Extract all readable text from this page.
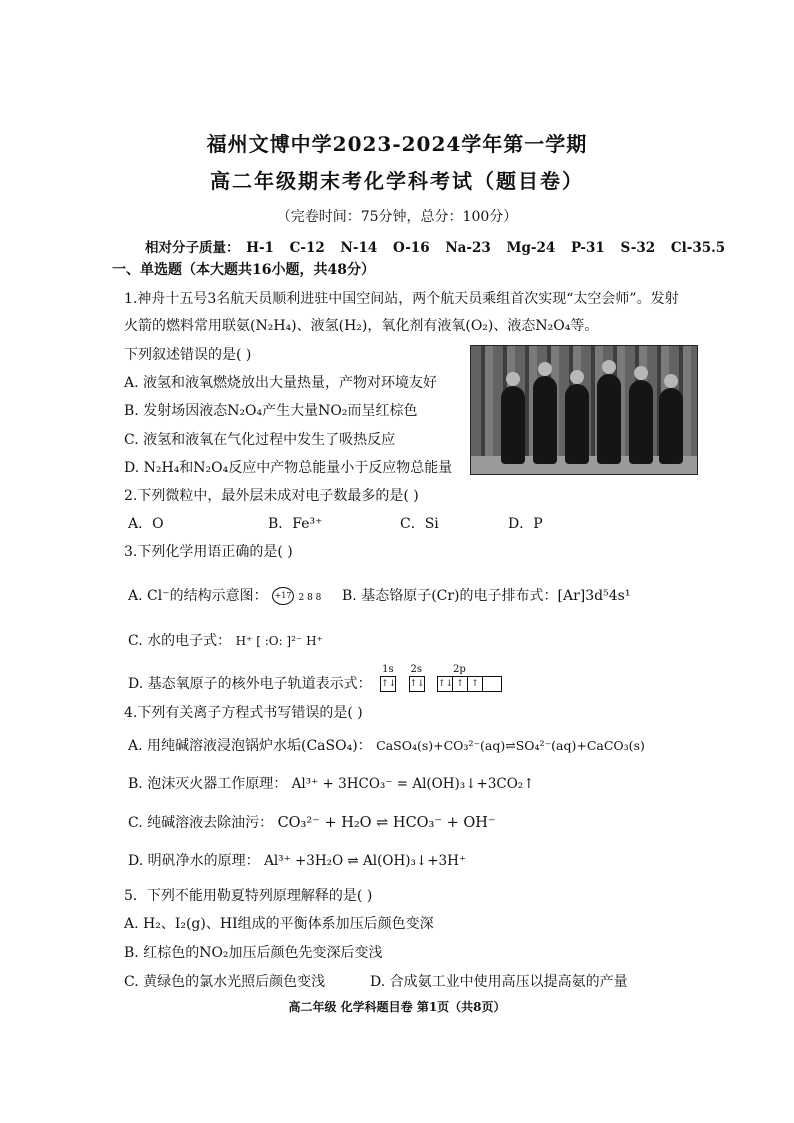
福州文博中学2023-2024学年第一学期
高二年级期末考化学科考试（题目卷）
（完卷时间：75分钟，总分：100分）
相对分子质量： H-1 C-12 N-14 O-16 Na-23 Mg-24 P-31 S-32 Cl-35.5
一、单选题（本大题共16小题，共48分）
1.神舟十五号3名航天员顺利进驻中国空间站，两个航天员乘组首次实现“太空会师”。发射
火箭的燃料常用联氨(N₂H₄)、液氢(H₂)，氧化剂有液氧(O₂)、液态N₂O₄等。
下列叙述错误的是( )
A. 液氢和液氧燃烧放出大量热量，产物对环境友好
B. 发射场因液态N₂O₄产生大量NO₂而呈红棕色
C. 液氢和液氧在气化过程中发生了吸热反应
D. N₂H₄和N₂O₄反应中产物总能量小于反应物总能量
2.下列微粒中，最外层未成对电子数最多的是( )
A．O	B．Fe³⁺	C．Si	D．P
3.下列化学用语正确的是( )
A. Cl⁻的结构示意图： +17 2 8 8 B. 基态铬原子(Cr)的电子排布式：[Ar]3d⁵4s¹
C. 水的电子式： H⁺ [ :O: ]²⁻ H⁺
D. 基态氧原子的核外电子轨道表示式：
1s
↑↓
2s
↑↓
2p
↑↓ ↑ ↑
4.下列有关离子方程式书写错误的是( )
A. 用纯碱溶液浸泡锅炉水垢(CaSO₄)： CaSO₄(s)+CO₃²⁻(aq)⇌SO₄²⁻(aq)+CaCO₃(s)
B. 泡沫灭火器工作原理： Al³⁺ + 3HCO₃⁻ = Al(OH)₃↓+3CO₂↑
C. 纯碱溶液去除油污： CO₃²⁻ + H₂O ⇌ HCO₃⁻ + OH⁻
D. 明矾净水的原理： Al³⁺ +3H₂O ⇌ Al(OH)₃↓+3H⁺
5．下列不能用勒夏特列原理解释的是( )
A. H₂、I₂(g)、HI组成的平衡体系加压后颜色变深
B. 红棕色的NO₂加压后颜色先变深后变浅
C. 黄绿色的氯水光照后颜色变浅	D. 合成氨工业中使用高压以提高氨的产量
高二年级 化学科题目卷 第1页（共8页）
